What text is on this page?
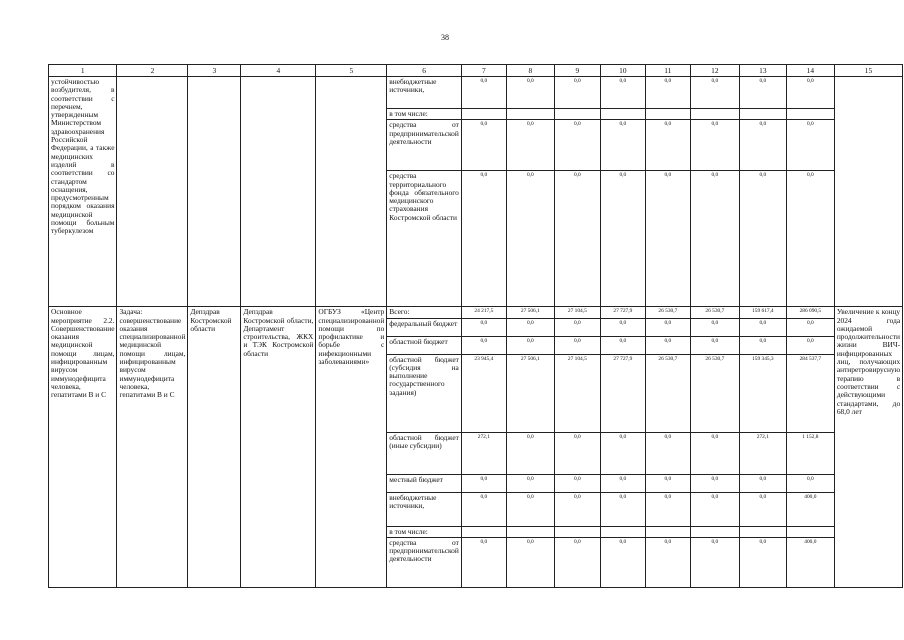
38
1	2	3	4	5	6	7	8	9	10	11	12	13	14	15
устойчивостью возбудителя, в соответствии с перечнем, утвержденным Министерством здравоохранения Российской Федерации, а также медицинских изделий в соответствии со стандартом оснащения, предусмотренным порядком оказания медицинской помощи больным туберкулезом					внебюджетные источники,	0,0	0,0	0,0	0,0	0,0	0,0	0,0	0,0	
					в том числе:									
					средства от предпринимательской деятельности	0,0	0,0	0,0	0,0	0,0	0,0	0,0	0,0	
					средства территориального фонда обязательного медицинского страхования Костромской области	0,0	0,0	0,0	0,0	0,0	0,0	0,0	0,0	
Основное мероприятие 2.2. Совершенствование оказания медицинской помощи лицам, инфицированным вирусом иммунодефицита человека, гепатитами В и С	Задача: совершенствование оказания специализированной медицинской помощи лицам, инфицированным вирусом иммунодефицита человека, гепатитами В и С	Депздрав Костромской области	Депздрав Костромской области, Департамент строительства, ЖКХ и ТЭК Костромской области	ОГБУЗ «Центр специализированной помощи по профилактике и борьбе с инфекционными заболеваниями»	Всего:	24 217,5	27 506,1	27 104,5	27 727,9	26 530,7	26 530,7	159 617,4	286 090,5	Увеличение к концу 2024 года ожидаемой продолжительности жизни ВИЧ-инфицированных лиц, получающих антиретровирусную терапию в соответствии с действующими стандартами, до 68,0 лет
					федеральный бюджет	0,0	0,0	0,0	0,0	0,0	0,0	0,0	0,0	
					областной бюджет	0,0	0,0	0,0	0,0	0,0	0,0	0,0	0,0	
					областной бюджет (субсидия на выполнение государственного задания)	23 945,4	27 506,1	27 104,5	27 727,9	26 530,7	26 530,7	159 345,3	284 537,7	
					областной бюджет (иные субсидии)	272,1	0,0	0,0	0,0	0,0	0,0	272,1	1 152,8	
					местный бюджет	0,0	0,0	0,0	0,0	0,0	0,0	0,0	0,0	
					внебюджетные источники,	0,0	0,0	0,0	0,0	0,0	0,0	0,0	400,0	
					в том числе:									
					средства от предпринимательской деятельности	0,0	0,0	0,0	0,0	0,0	0,0	0,0	400,0	
